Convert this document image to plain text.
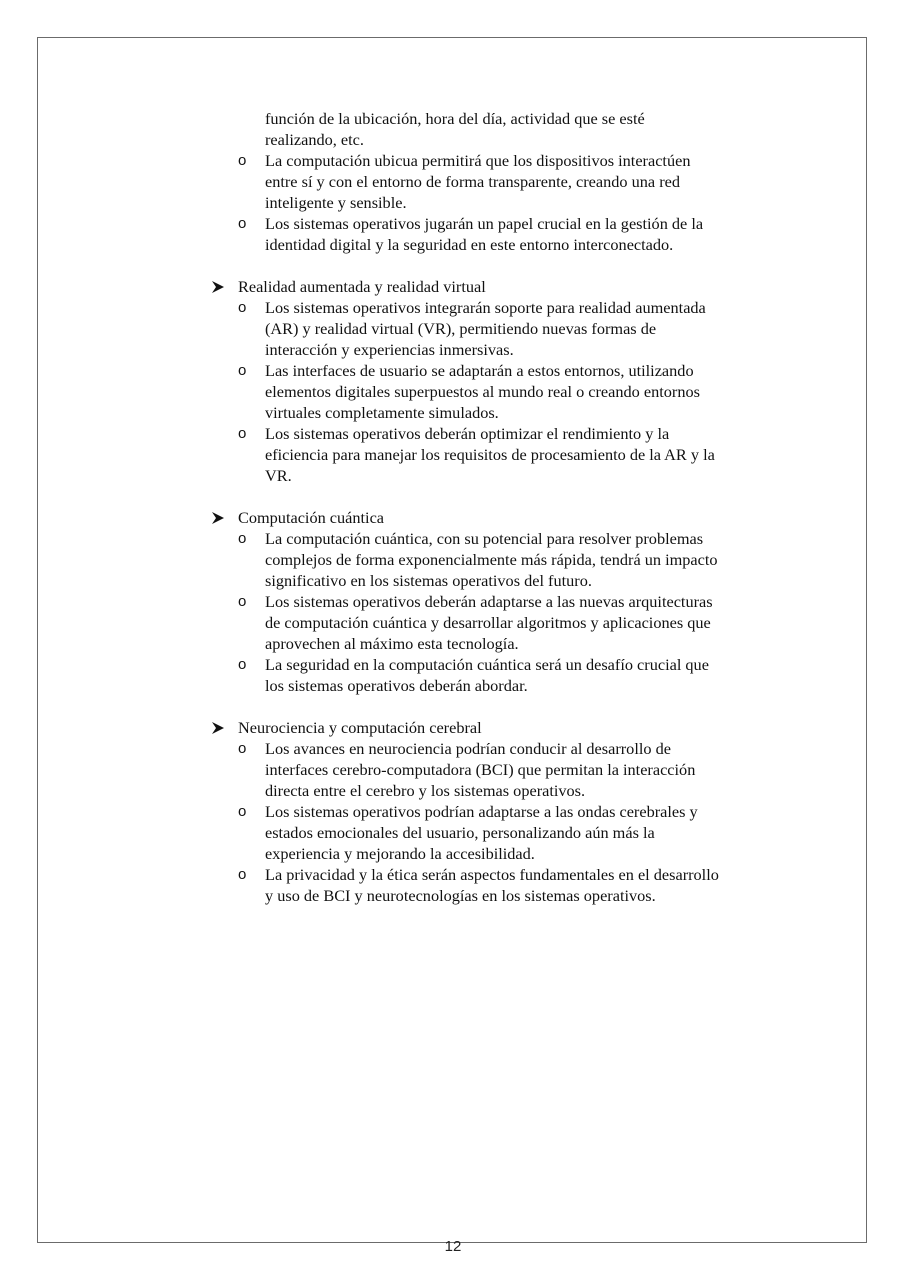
función de la ubicación, hora del día, actividad que se esté
realizando, etc.
o La computación ubicua permitirá que los dispositivos interactúen
entre sí y con el entorno de forma transparente, creando una red
inteligente y sensible.
o Los sistemas operativos jugarán un papel crucial en la gestión de la
identidad digital y la seguridad en este entorno interconectado.
Realidad aumentada y realidad virtual
o Los sistemas operativos integrarán soporte para realidad aumentada
(AR) y realidad virtual (VR), permitiendo nuevas formas de
interacción y experiencias inmersivas.
o Las interfaces de usuario se adaptarán a estos entornos, utilizando
elementos digitales superpuestos al mundo real o creando entornos
virtuales completamente simulados.
o Los sistemas operativos deberán optimizar el rendimiento y la
eficiencia para manejar los requisitos de procesamiento de la AR y la
VR.
Computación cuántica
o La computación cuántica, con su potencial para resolver problemas
complejos de forma exponencialmente más rápida, tendrá un impacto
significativo en los sistemas operativos del futuro.
o Los sistemas operativos deberán adaptarse a las nuevas arquitecturas
de computación cuántica y desarrollar algoritmos y aplicaciones que
aprovechen al máximo esta tecnología.
o La seguridad en la computación cuántica será un desafío crucial que
los sistemas operativos deberán abordar.
Neurociencia y computación cerebral
o Los avances en neurociencia podrían conducir al desarrollo de
interfaces cerebro-computadora (BCI) que permitan la interacción
directa entre el cerebro y los sistemas operativos.
o Los sistemas operativos podrían adaptarse a las ondas cerebrales y
estados emocionales del usuario, personalizando aún más la
experiencia y mejorando la accesibilidad.
o La privacidad y la ética serán aspectos fundamentales en el desarrollo
y uso de BCI y neurotecnologías en los sistemas operativos.
12
